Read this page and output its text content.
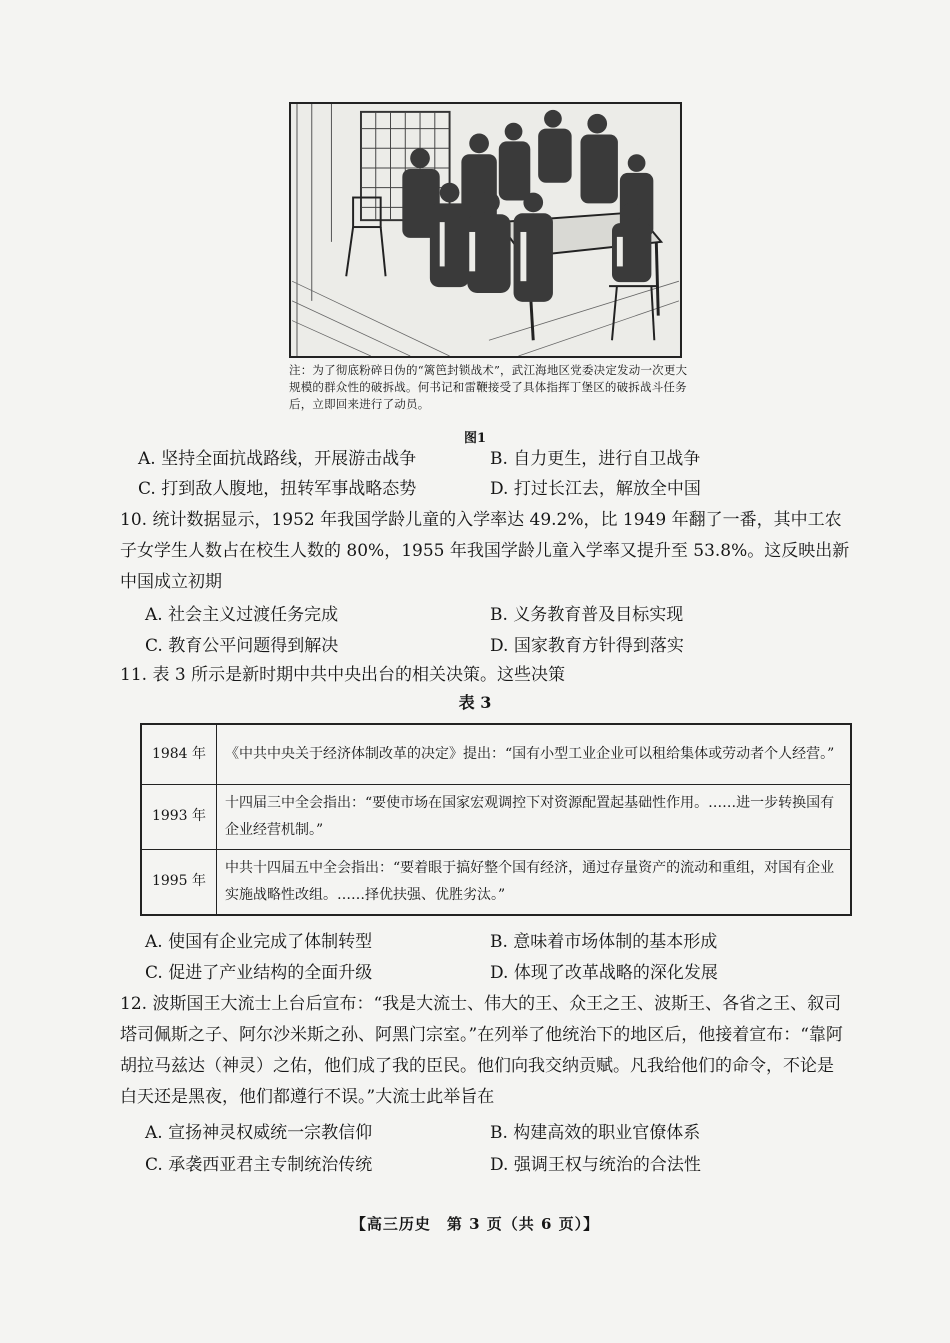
注：为了彻底粉碎日伪的“篱笆封锁战术”，武江海地区党委决定发动一次更大规模的群众性的破拆战。何书记和雷鞭接受了具体指挥丁堡区的破拆战斗任务后，立即回来进行了动员。
图1
A. 坚持全面抗战路线，开展游击战争	B. 自力更生，进行自卫战争
C. 打到敌人腹地，扭转军事战略态势	D. 打过长江去，解放全中国
10. 统计数据显示，1952 年我国学龄儿童的入学率达 49.2%，比 1949 年翻了一番，其中工农子女学生人数占在校生人数的 80%，1955 年我国学龄儿童入学率又提升至 53.8%。这反映出新中国成立初期
A. 社会主义过渡任务完成	B. 义务教育普及目标实现
C. 教育公平问题得到解决	D. 国家教育方针得到落实
11. 表 3 所示是新时期中共中央出台的相关决策。这些决策
表 3
1984 年	《中共中央关于经济体制改革的决定》提出：“国有小型工业企业可以租给集体或劳动者个人经营。”
1993 年	十四届三中全会指出：“要使市场在国家宏观调控下对资源配置起基础性作用。……进一步转换国有企业经营机制。”
1995 年	中共十四届五中全会指出：“要着眼于搞好整个国有经济，通过存量资产的流动和重组，对国有企业实施战略性改组。……择优扶强、优胜劣汰。”
A. 使国有企业完成了体制转型	B. 意味着市场体制的基本形成
C. 促进了产业结构的全面升级	D. 体现了改革战略的深化发展
12. 波斯国王大流士上台后宣布：“我是大流士、伟大的王、众王之王、波斯王、各省之王、叙司塔司佩斯之子、阿尔沙米斯之孙、阿黑门宗室。”在列举了他统治下的地区后，他接着宣布：“靠阿胡拉马兹达（神灵）之佑，他们成了我的臣民。他们向我交纳贡赋。凡我给他们的命令，不论是白天还是黑夜，他们都遵行不误。”大流士此举旨在
A. 宣扬神灵权威统一宗教信仰	B. 构建高效的职业官僚体系
C. 承袭西亚君主专制统治传统	D. 强调王权与统治的合法性
【高三历史　第 3 页（共 6 页）】
